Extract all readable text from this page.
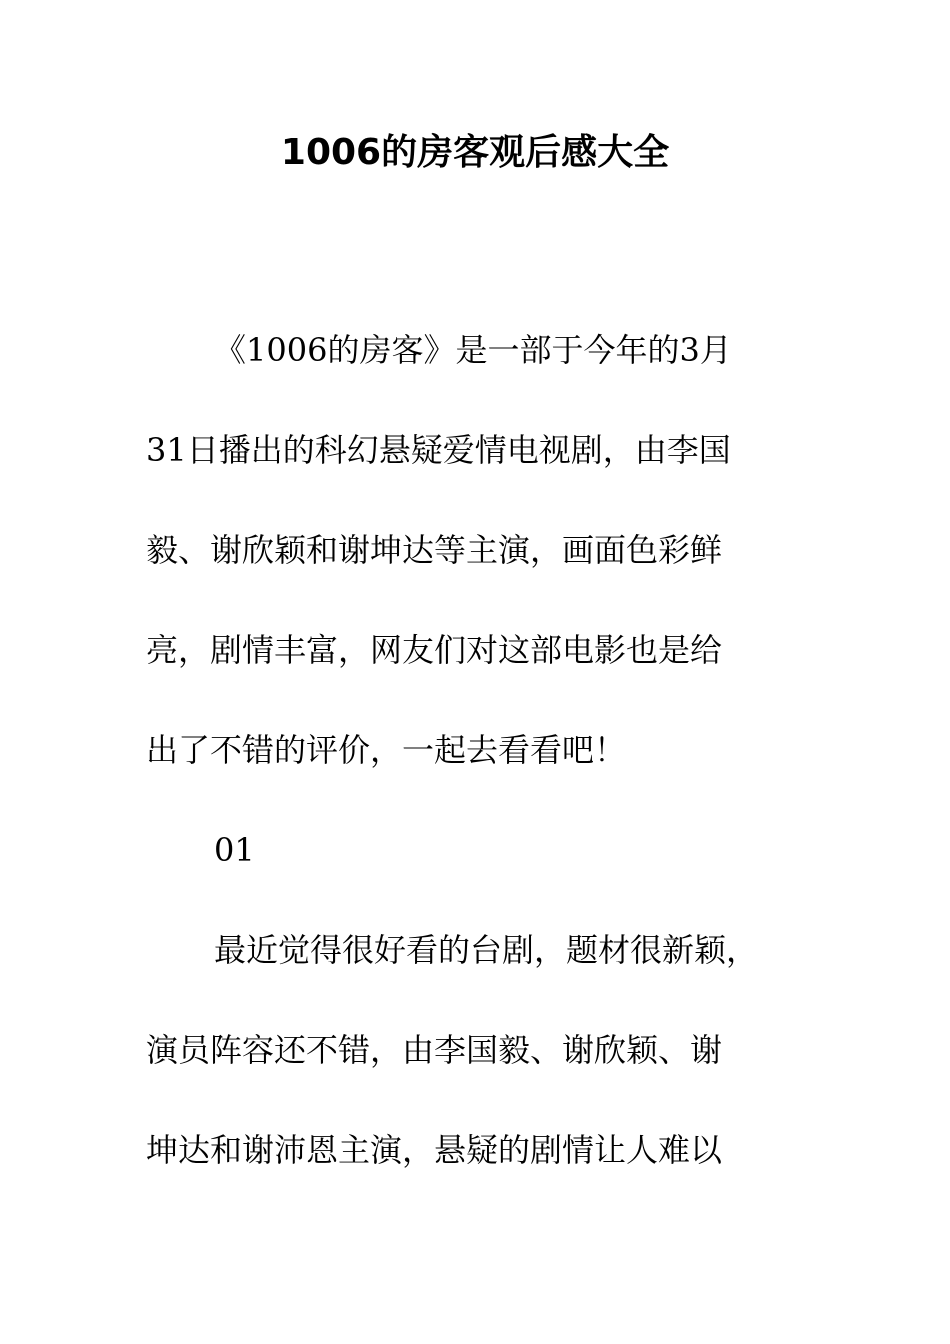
1006的房客观后感大全

《1006的房客》是一部于今年的3月

31日播出的科幻悬疑爱情电视剧，由李国

毅、谢欣颖和谢坤达等主演，画面色彩鲜

亮，剧情丰富，网友们对这部电影也是给

出了不错的评价，一起去看看吧！

01

最近觉得很好看的台剧，题材很新颖，

演员阵容还不错，由李国毅、谢欣颖、谢

坤达和谢沛恩主演，悬疑的剧情让人难以
